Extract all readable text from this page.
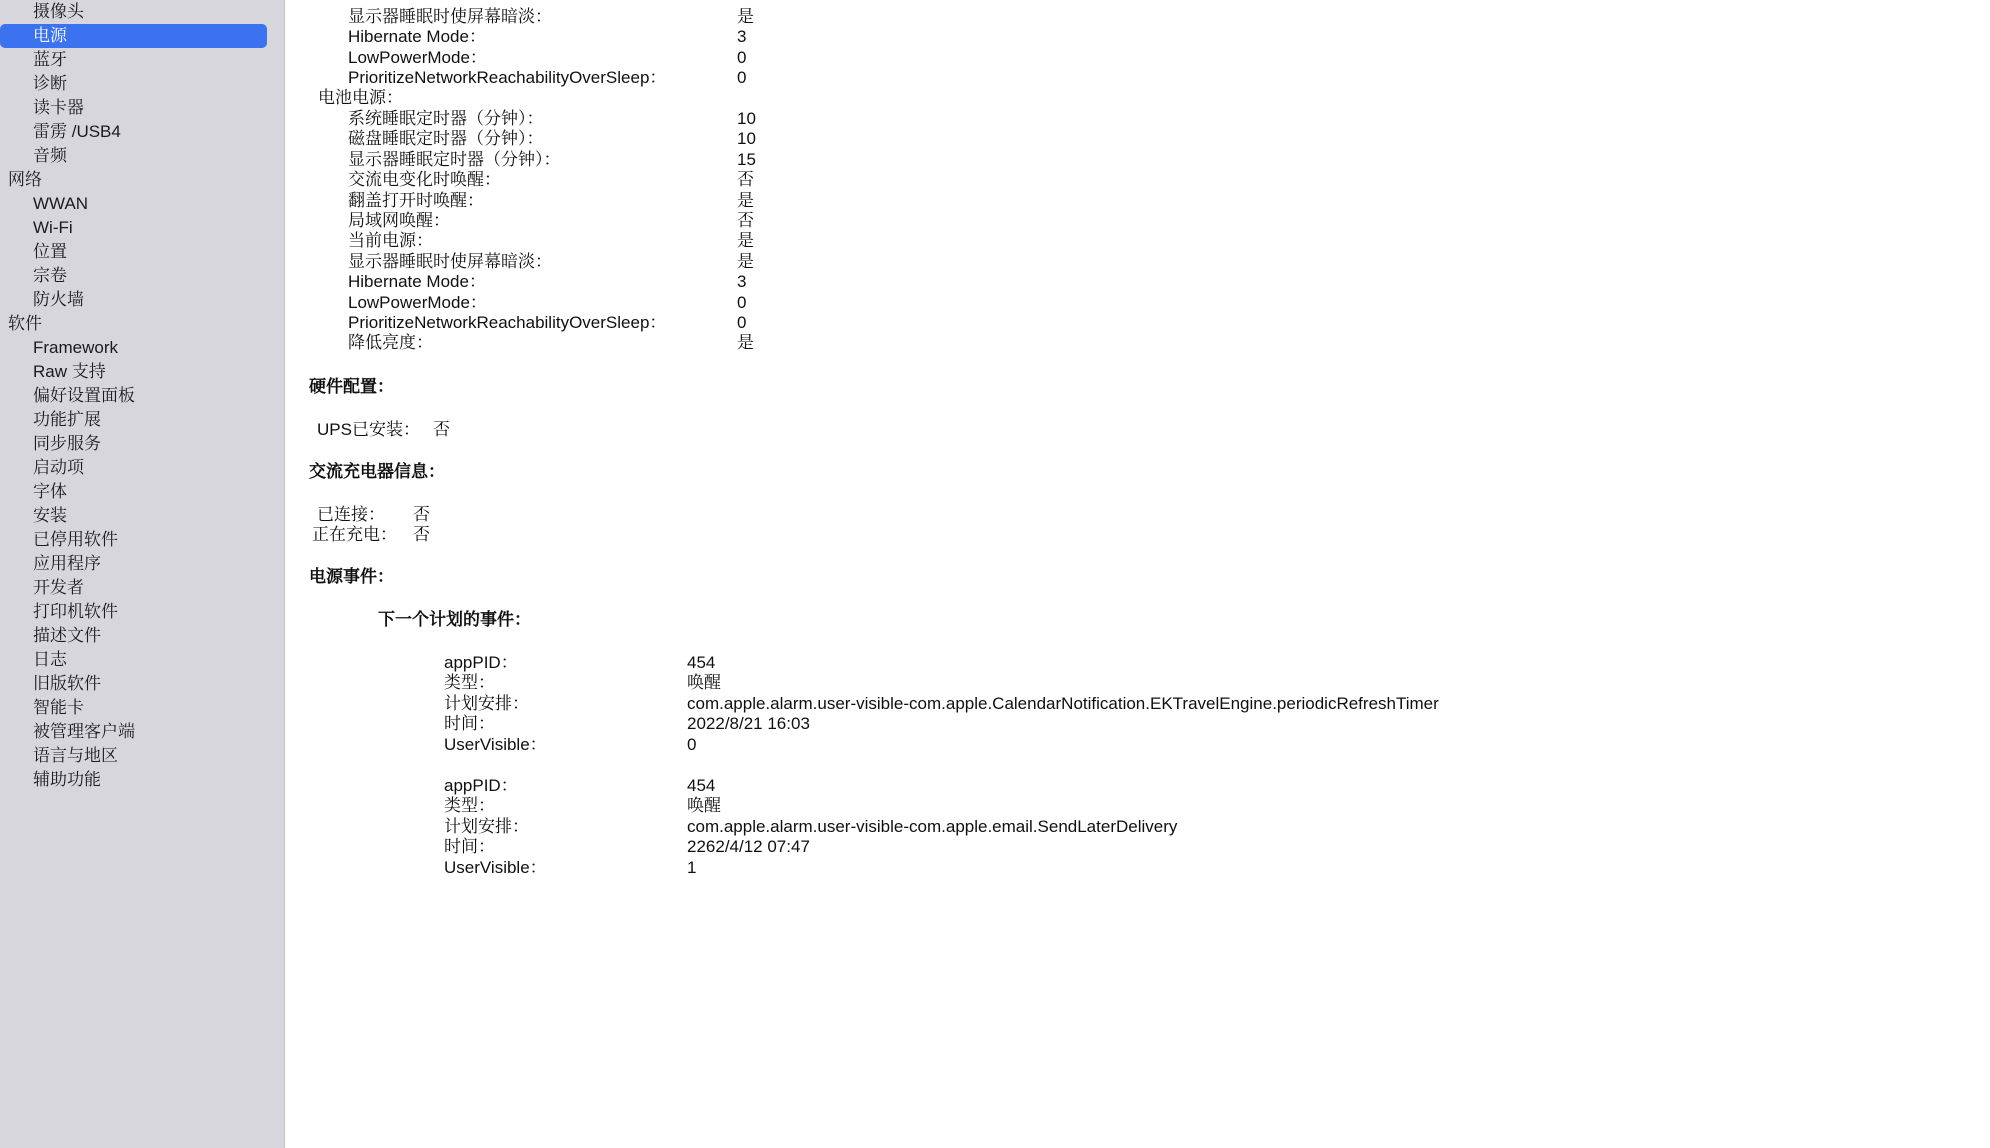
摄像头
电源
蓝牙
诊断
读卡器
雷雳 /USB4
音频
网络
WWAN
Wi-Fi
位置
宗卷
防火墙
软件
Framework
Raw 支持
偏好设置面板
功能扩展
同步服务
启动项
字体
安装
已停用软件
应用程序
开发者
打印机软件
描述文件
日志
旧版软件
智能卡
被管理客户端
语言与地区
辅助功能
显示器睡眠时使屏幕暗淡：	是
Hibernate Mode：	3
LowPowerMode：	0
PrioritizeNetworkReachabilityOverSleep：	0
电池电源：
系统睡眠定时器（分钟）：	10
磁盘睡眠定时器（分钟）：	10
显示器睡眠定时器（分钟）：	15
交流电变化时唤醒：	否
翻盖打开时唤醒：	是
局域网唤醒：	否
当前电源：	是
显示器睡眠时使屏幕暗淡：	是
Hibernate Mode：	3
LowPowerMode：	0
PrioritizeNetworkReachabilityOverSleep：	0
降低亮度：	是
硬件配置：
UPS已安装： 否
交流充电器信息：
已连接： 否
正在充电： 否
电源事件：
下一个计划的事件：
appPID：	454
类型：	唤醒
计划安排：	com.apple.alarm.user-visible-com.apple.CalendarNotification.EKTravelEngine.periodicRefreshTimer
时间：	2022/8/21 16:03
UserVisible：	0
appPID：	454
类型：	唤醒
计划安排：	com.apple.alarm.user-visible-com.apple.email.SendLaterDelivery
时间：	2262/4/12 07:47
UserVisible：	1
